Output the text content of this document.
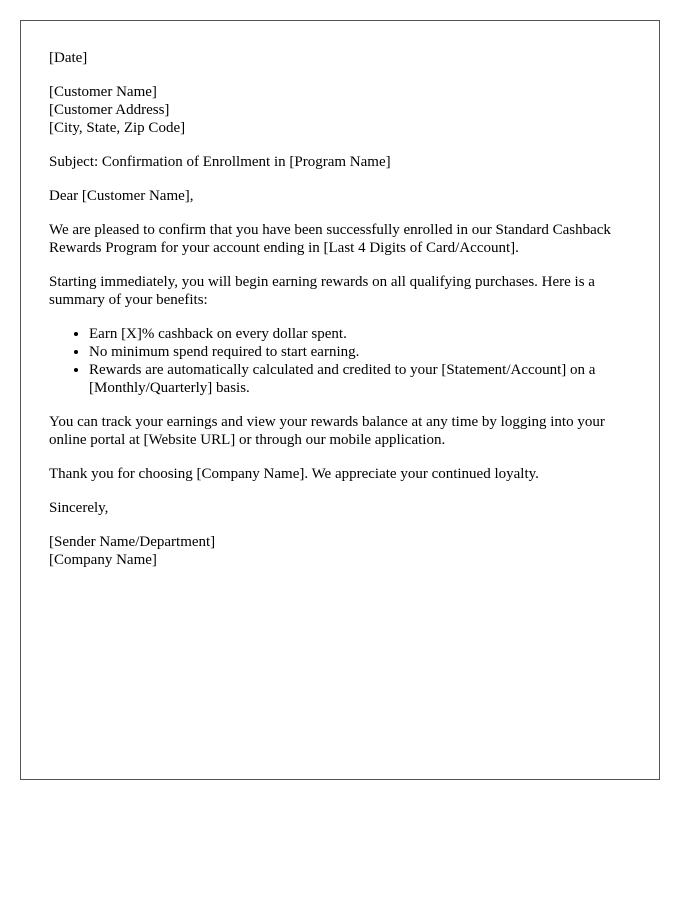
[Date]

[Customer Name]
[Customer Address]
[City, State, Zip Code]

Subject: Confirmation of Enrollment in [Program Name]

Dear [Customer Name],

We are pleased to confirm that you have been successfully enrolled in our Standard Cashback Rewards Program for your account ending in [Last 4 Digits of Card/Account].

Starting immediately, you will begin earning rewards on all qualifying purchases. Here is a summary of your benefits:

• Earn [X]% cashback on every dollar spent.
• No minimum spend required to start earning.
• Rewards are automatically calculated and credited to your [Statement/Account] on a [Monthly/Quarterly] basis.

You can track your earnings and view your rewards balance at any time by logging into your online portal at [Website URL] or through our mobile application.

Thank you for choosing [Company Name]. We appreciate your continued loyalty.

Sincerely,

[Sender Name/Department]
[Company Name]
